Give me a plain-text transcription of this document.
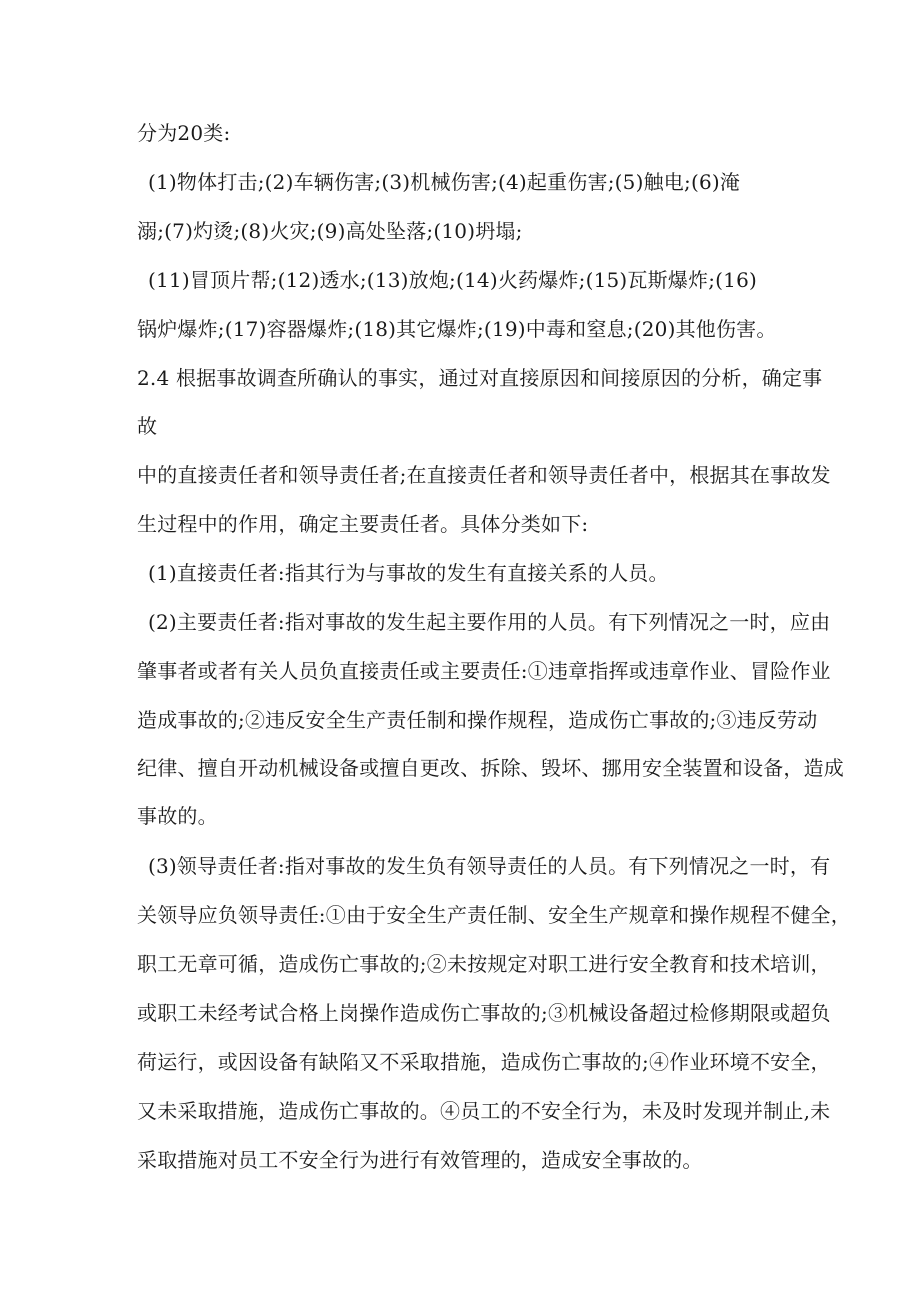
分为20类:
(1)物体打击;(2)车辆伤害;(3)机械伤害;(4)起重伤害;(5)触电;(6)淹
溺;(7)灼烫;(8)火灾;(9)高处坠落;(10)坍塌;
(11)冒顶片帮;(12)透水;(13)放炮;(14)火药爆炸;(15)瓦斯爆炸;(16)
锅炉爆炸;(17)容器爆炸;(18)其它爆炸;(19)中毒和窒息;(20)其他伤害。
2.4 根据事故调查所确认的事实，通过对直接原因和间接原因的分析，确定事
故
中的直接责任者和领导责任者;在直接责任者和领导责任者中，根据其在事故发
生过程中的作用，确定主要责任者。具体分类如下:
(1)直接责任者:指其行为与事故的发生有直接关系的人员。
(2)主要责任者:指对事故的发生起主要作用的人员。有下列情况之一时，应由
肇事者或者有关人员负直接责任或主要责任:①违章指挥或违章作业、冒险作业
造成事故的;②违反安全生产责任制和操作规程，造成伤亡事故的;③违反劳动
纪律、擅自开动机械设备或擅自更改、拆除、毁坏、挪用安全装置和设备，造成
事故的。
(3)领导责任者:指对事故的发生负有领导责任的人员。有下列情况之一时，有
关领导应负领导责任:①由于安全生产责任制、安全生产规章和操作规程不健全，
职工无章可循，造成伤亡事故的;②未按规定对职工进行安全教育和技术培训，
或职工未经考试合格上岗操作造成伤亡事故的;③机械设备超过检修期限或超负
荷运行，或因设备有缺陷又不采取措施，造成伤亡事故的;④作业环境不安全，
又未采取措施，造成伤亡事故的。④员工的不安全行为，未及时发现并制止,未
采取措施对员工不安全行为进行有效管理的，造成安全事故的。
